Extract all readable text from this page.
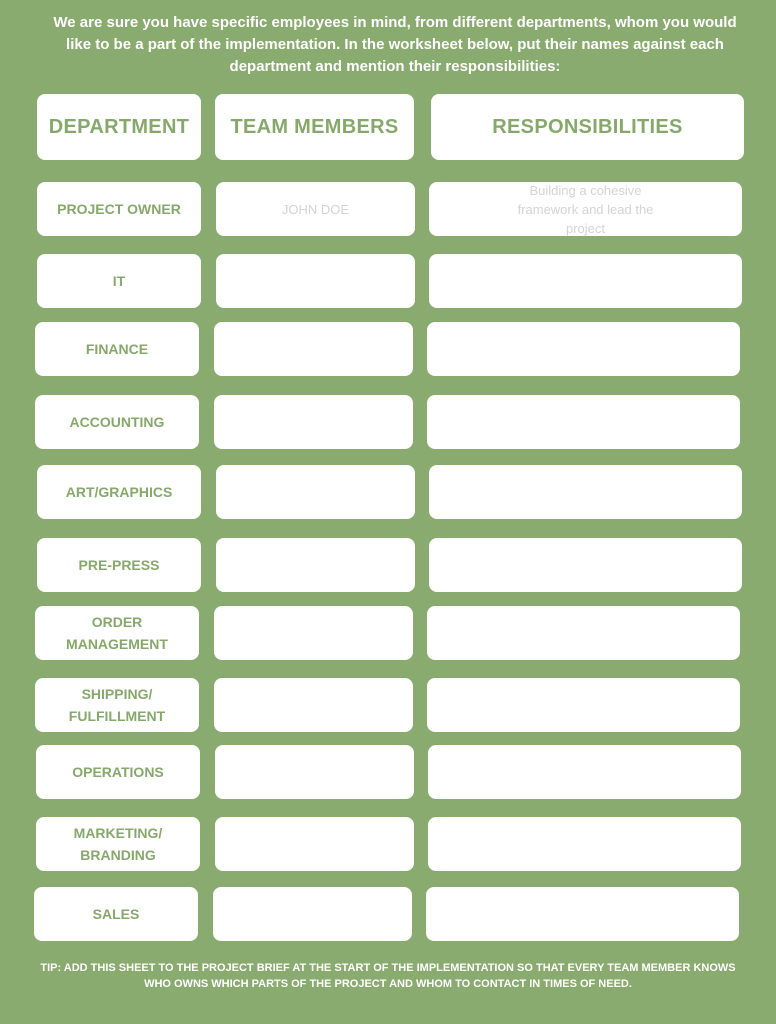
We are sure you have specific employees in mind, from different departments, whom you would like to be a part of the implementation. In the worksheet below, put their names against each department and mention their responsibilities:
DEPARTMENT TEAM MEMBERS	RESPONSIBILITIES
PROJECT OWNER	JOHN DOE
Building a cohesive framework and lead the project
IT
FINANCE
ACCOUNTING
ART/GRAPHICS
PRE-PRESS
ORDER MANAGEMENT
SHIPPING/ FULFILLMENT
OPERATIONS
MARKETING/ BRANDING
SALES
TIP: ADD THIS SHEET TO THE PROJECT BRIEF AT THE START OF THE IMPLEMENTATION SO THAT EVERY TEAM MEMBER KNOWS WHO OWNS WHICH PARTS OF THE PROJECT AND WHOM TO CONTACT IN TIMES OF NEED.
